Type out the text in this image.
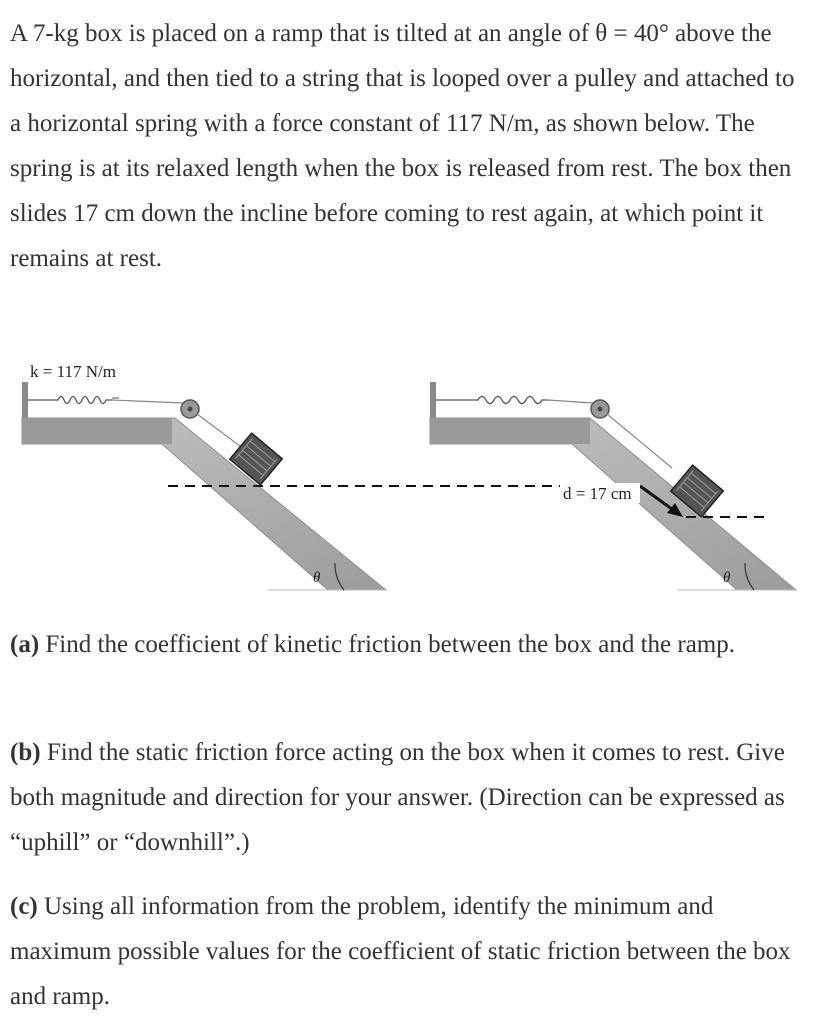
A 7-kg box is placed on a ramp that is tilted at an angle of θ = 40° above the horizontal, and then tied to a string that is looped over a pulley and attached to a horizontal spring with a force constant of 117 N/m, as shown below. The spring is at its relaxed length when the box is released from rest. The box then slides 17 cm down the incline before coming to rest again, at which point it remains at rest.

θ
k = 117 N/m
d = 17 cm
θ

(a) Find the coefficient of kinetic friction between the box and the ramp.

(b) Find the static friction force acting on the box when it comes to rest. Give both magnitude and direction for your answer. (Direction can be expressed as “uphill” or “downhill”.)

(c) Using all information from the problem, identify the minimum and maximum possible values for the coefficient of static friction between the box and ramp.
